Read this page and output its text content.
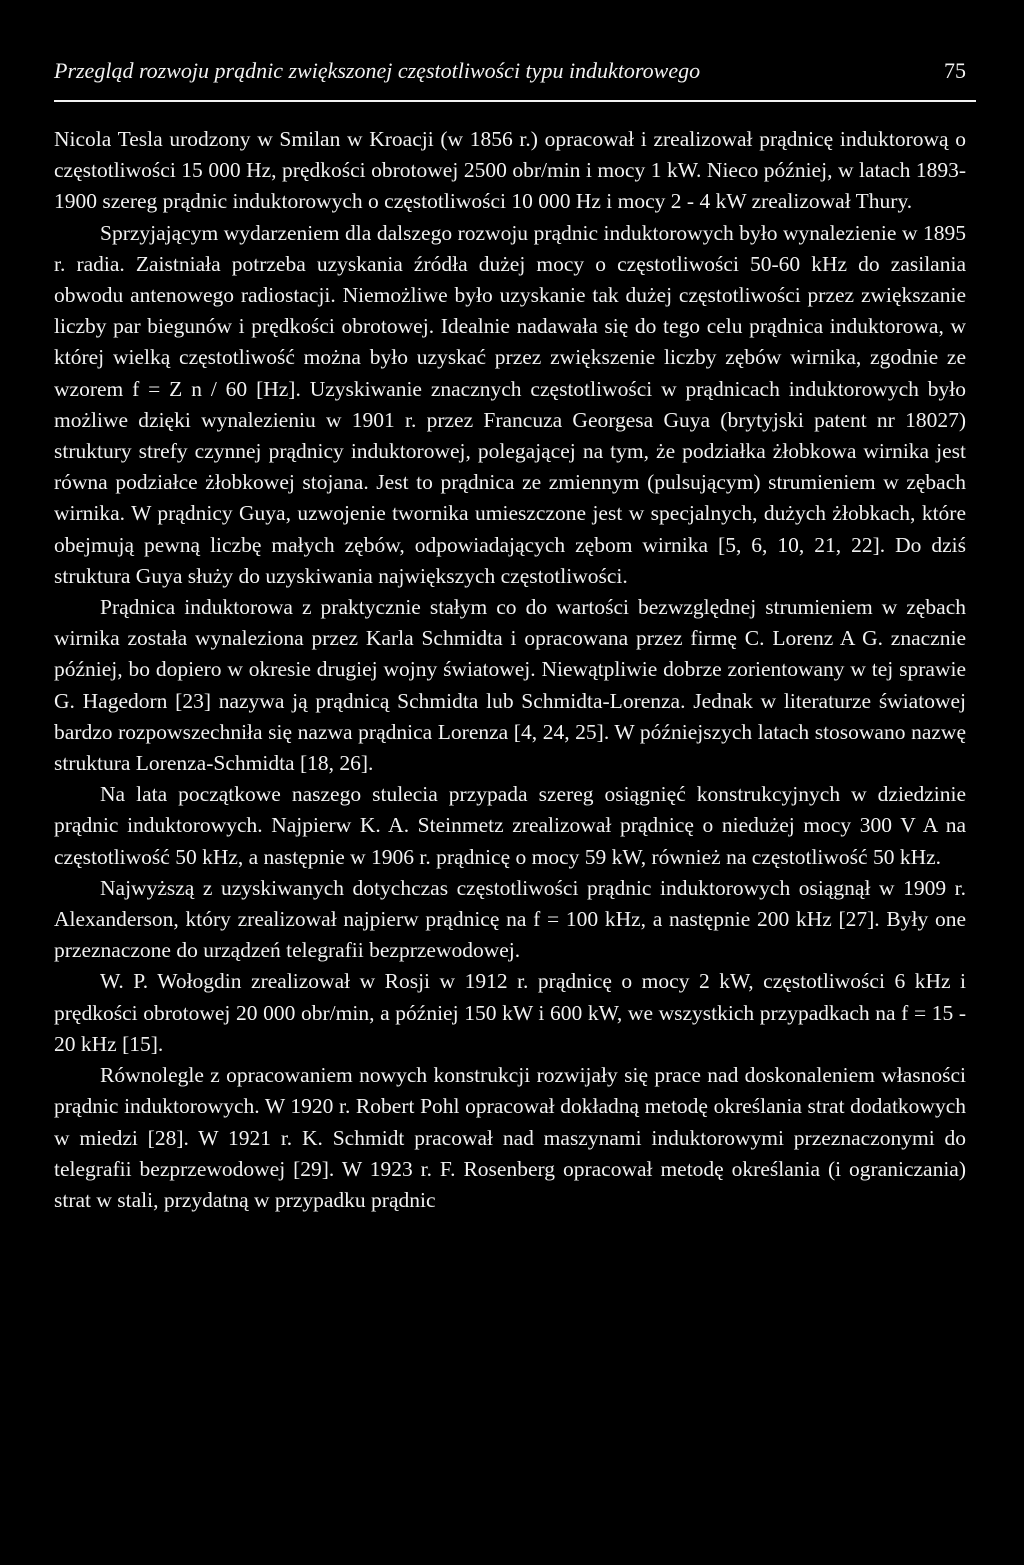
Przegląd rozwoju prądnic zwiększonej częstotliwości typu induktorowego	75

Nicola Tesla urodzony w Smilan w Kroacji (w 1856 r.) opracował i zrealizował prądnicę induktorową o częstotliwości 15 000 Hz, prędkości obrotowej 2500 obr/min i mocy 1 kW. Nieco później, w latach 1893-1900 szereg prądnic induktorowych o częstotliwości 10 000 Hz i mocy 2 - 4 kW zrealizował Thury.

Sprzyjającym wydarzeniem dla dalszego rozwoju prądnic induktorowych było wynalezienie w 1895 r. radia. Zaistniała potrzeba uzyskania źródła dużej mocy o częstotliwości 50-60 kHz do zasilania obwodu antenowego radiostacji. Niemożliwe było uzyskanie tak dużej częstotliwości przez zwiększanie liczby par biegunów i prędkości obrotowej. Idealnie nadawała się do tego celu prądnica induktorowa, w której wielką częstotliwość można było uzyskać przez zwiększenie liczby zębów wirnika, zgodnie ze wzorem f = Z n / 60 [Hz]. Uzyskiwanie znacznych częstotliwości w prądnicach induktorowych było możliwe dzięki wynalezieniu w 1901 r. przez Francuza Georgesa Guya (brytyjski patent nr 18027) struktury strefy czynnej prądnicy induktorowej, polegającej na tym, że podziałka żłobkowa wirnika jest równa podziałce żłobkowej stojana. Jest to prądnica ze zmiennym (pulsującym) strumieniem w zębach wirnika. W prądnicy Guya, uzwojenie twornika umieszczone jest w specjalnych, dużych żłobkach, które obejmują pewną liczbę małych zębów, odpowiadających zębom wirnika [5, 6, 10, 21, 22]. Do dziś struktura Guya służy do uzyskiwania największych częstotliwości.

Prądnica induktorowa z praktycznie stałym co do wartości bezwzględnej strumieniem w zębach wirnika została wynaleziona przez Karla Schmidta i opracowana przez firmę C. Lorenz A G. znacznie później, bo dopiero w okresie drugiej wojny światowej. Niewątpliwie dobrze zorientowany w tej sprawie G. Hagedorn [23] nazywa ją prądnicą Schmidta lub Schmidta-Lorenza. Jednak w literaturze światowej bardzo rozpowszechniła się nazwa prądnica Lorenza [4, 24, 25]. W późniejszych latach stosowano nazwę struktura Lorenza-Schmidta [18, 26].

Na lata początkowe naszego stulecia przypada szereg osiągnięć konstrukcyjnych w dziedzinie prądnic induktorowych. Najpierw K. A. Steinmetz zrealizował prądnicę o niedużej mocy 300 V A na częstotliwość 50 kHz, a następnie w 1906 r. prądnicę o mocy 59 kW, również na częstotliwość 50 kHz.

Najwyższą z uzyskiwanych dotychczas częstotliwości prądnic induktorowych osiągnął w 1909 r. Alexanderson, który zrealizował najpierw prądnicę na f = 100 kHz, a następnie 200 kHz [27]. Były one przeznaczone do urządzeń telegrafii bezprzewodowej.

W. P. Wołogdin zrealizował w Rosji w 1912 r. prądnicę o mocy 2 kW, częstotliwości 6 kHz i prędkości obrotowej 20 000 obr/min, a później 150 kW i 600 kW, we wszystkich przypadkach na f = 15 - 20 kHz [15].

Równolegle z opracowaniem nowych konstrukcji rozwijały się prace nad doskonaleniem własności prądnic induktorowych. W 1920 r. Robert Pohl opracował dokładną metodę określania strat dodatkowych w miedzi [28]. W 1921 r. K. Schmidt pracował nad maszynami induktorowymi przeznaczonymi do telegrafii bezprzewodowej [29]. W 1923 r. F. Rosenberg opracował metodę określania (i ograniczania) strat w stali, przydatną w przypadku prądnic
